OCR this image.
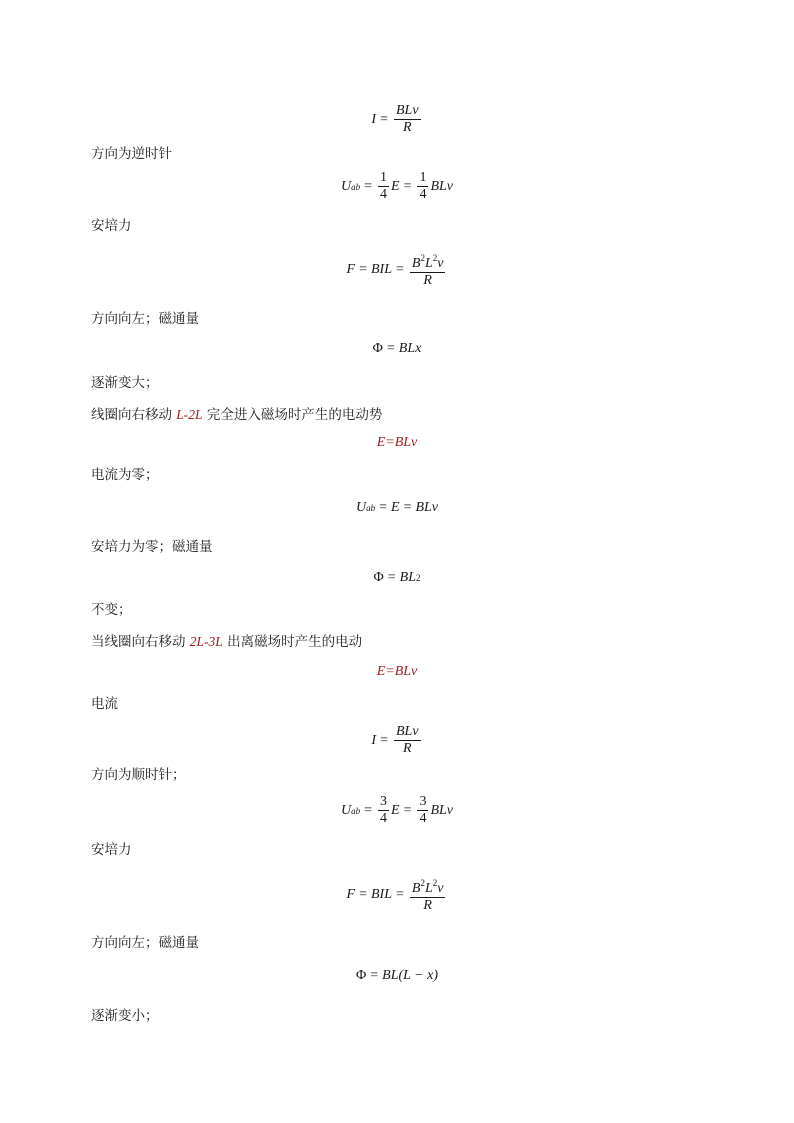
$I = \frac{\text{BLv}}{R}$
方向为逆时针
U ab = $\frac{1}{4}$ $E = \frac{1}{4}$ BLv
安培力
F = BIL = $\frac{B^2L^2v}{R}$
方向向左；磁通量
Φ = BLx
逐渐变大；
线圈向右移动 L-2L 完全进入磁场时产生的电动势
E=BLv
电流为零；
U ab = E = BLv
安培力为零；磁通量
Φ = BL 2
不变；
当线圈向右移动 2L-3L 出离磁场时产生的电动
E=BLv
电流
$I = \frac{\text{BLv}}{R}$
方向为顺时针；
U ab = $\frac{3}{4}$ $E = \frac{3}{4}$ BLv
安培力
F = BIL = $\frac{B^2L^2v}{R}$
方向向左；磁通量
Φ = BL(L − x)
逐渐变小；
